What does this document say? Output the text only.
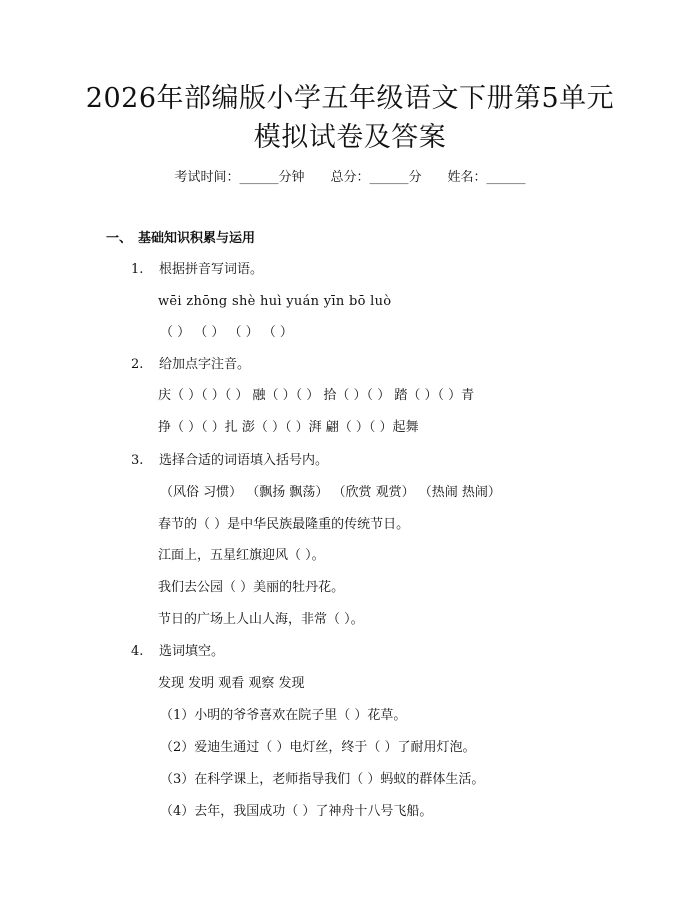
2026年部编版小学五年级语文下册第5单元
模拟试卷及答案
考试时间：______分钟 总分：______分 姓名：______
一、 基础知识积累与运用
1. 根据拼音写词语。
wēi zhōng shè huì yuán yīn bō luò
（ ） （ ） （ ） （ ）
2. 给加点字注音。
庆（ ）（ ）（ ） 融（ ）（ ） 拾（ ）（ ） 踏（ ）（ ）青
挣（ ）（ ）扎 澎（ ）（ ）湃 翩（ ）（ ）起舞
3. 选择合适的词语填入括号内。
（风俗 习惯） （飘扬 飘荡） （欣赏 观赏） （热闹 热闹）
春节的（ ）是中华民族最隆重的传统节日。
江面上，五星红旗迎风（ ）。
我们去公园（ ）美丽的牡丹花。
节日的广场上人山人海，非常（ ）。
4. 选词填空。
发现 发明 观看 观察 发现
（1）小明的爷爷喜欢在院子里（ ）花草。
（2）爱迪生通过（ ）电灯丝，终于（ ）了耐用灯泡。
（3）在科学课上，老师指导我们（ ）蚂蚁的群体生活。
（4）去年，我国成功（ ）了神舟十八号飞船。
